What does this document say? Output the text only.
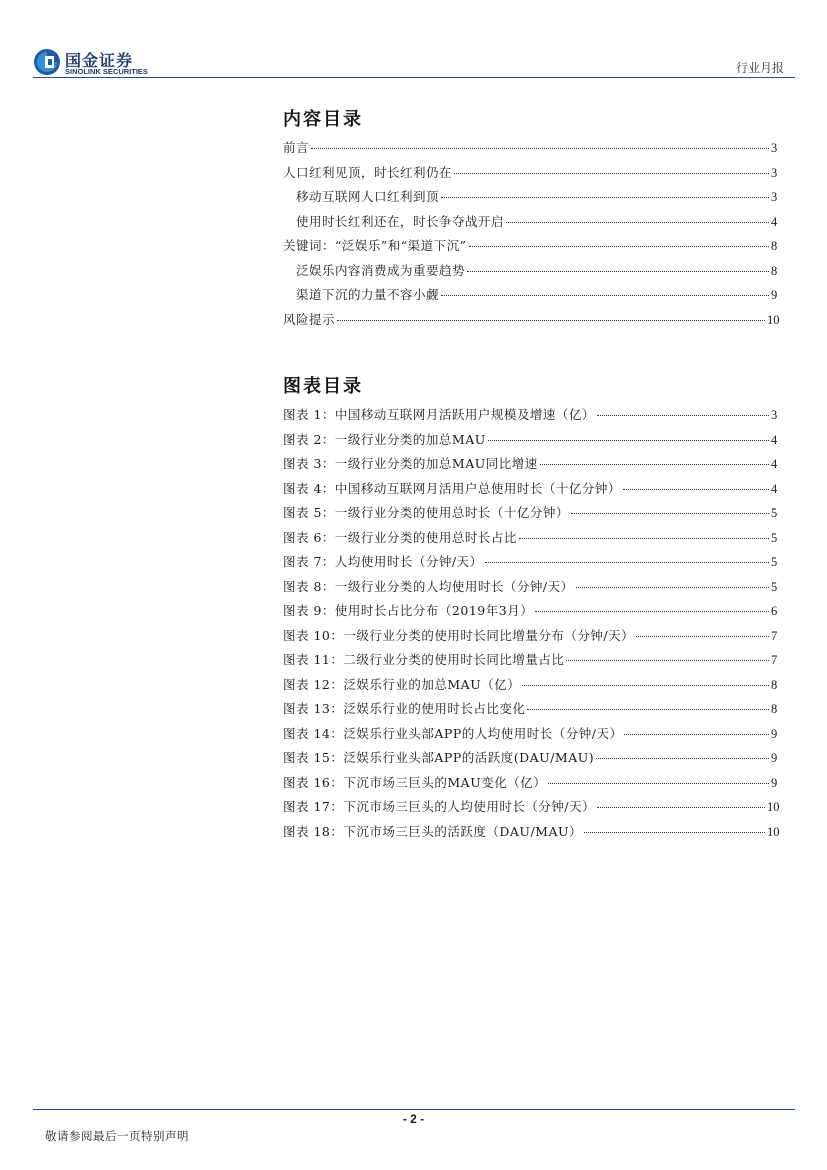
国金证券
SINOLINK SECURITIES	行业月报
内容目录
前言	3
人口红利见顶，时长红利仍在	3
移动互联网人口红利到顶	3
使用时长红利还在，时长争夺战开启	4
关键词：“泛娱乐”和“渠道下沉”	8
泛娱乐内容消费成为重要趋势	8
渠道下沉的力量不容小觑	9
风险提示	10
图表目录
图表 1：中国移动互联网月活跃用户规模及增速（亿）	3
图表 2：一级行业分类的加总MAU	4
图表 3：一级行业分类的加总MAU同比增速	4
图表 4：中国移动互联网月活用户总使用时长（十亿分钟）	4
图表 5：一级行业分类的使用总时长（十亿分钟）	5
图表 6：一级行业分类的使用总时长占比	5
图表 7：人均使用时长（分钟/天）	5
图表 8：一级行业分类的人均使用时长（分钟/天）	5
图表 9：使用时长占比分布（2019年3月）	6
图表 10：一级行业分类的使用时长同比增量分布（分钟/天）	7
图表 11：二级行业分类的使用时长同比增量占比	7
图表 12：泛娱乐行业的加总MAU（亿）	8
图表 13：泛娱乐行业的使用时长占比变化	8
图表 14：泛娱乐行业头部APP的人均使用时长（分钟/天）	9
图表 15：泛娱乐行业头部APP的活跃度(DAU/MAU)	9
图表 16：下沉市场三巨头的MAU变化（亿）	9
图表 17：下沉市场三巨头的人均使用时长（分钟/天）	10
图表 18：下沉市场三巨头的活跃度（DAU/MAU）	10
- 2 -
敬请参阅最后一页特别声明
